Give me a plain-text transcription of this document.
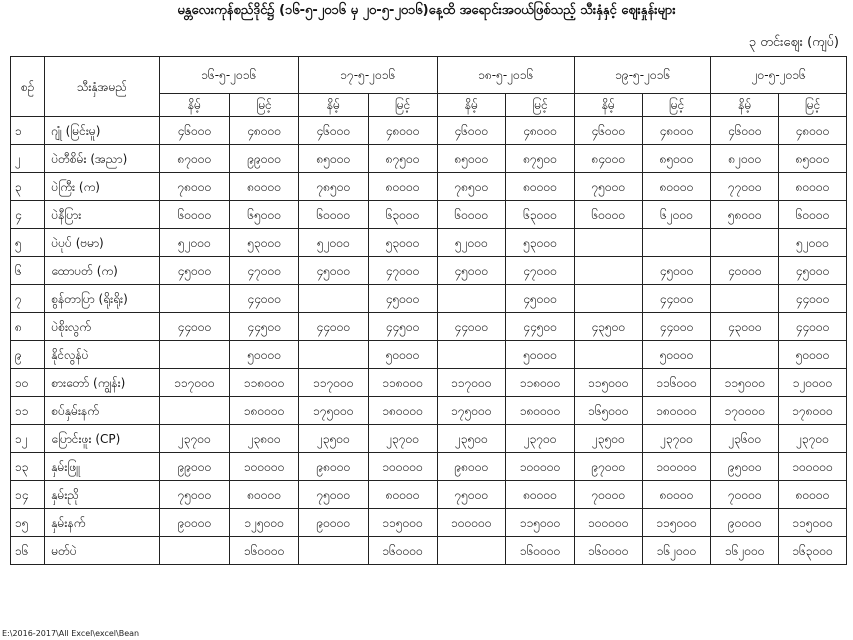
မန္တလေးကုန်စည်ဒိုင်၌ (၁၆-၅-၂၀၁၆ မှ ၂၀-၅-၂၀၁၆)နေ့ထိ အရောင်းအဝယ်ဖြစ်သည့် သီးနှံနှင့် ဈေးနှုန်းများ
၃ တင်းဈေး (ကျပ်)
စဉ်	သီးနှံအမည်	၁၆-၅-၂၀၁၆		၁၇-၅-၂၀၁၆		၁၈-၅-၂၀၁၆		၁၉-၅-၂၀၁၆		၂၀-၅-၂၀၁၆	
		နိမ့်	မြင့်	နိမ့်	မြင့်	နိမ့်	မြင့်	နိမ့်	မြင့်	နိမ့်	မြင့်
၁	ဂျုံ (မြင်းမူ)	၄၆၀၀၀	၄၈၀၀၀	၄၆၀၀၀	၄၈၀၀၀	၄၆၀၀၀	၄၈၀၀၀	၄၆၀၀၀	၄၈၀၀၀	၄၆၀၀၀	၄၈၀၀၀
၂	ပဲတီစိမ်း (အညာ)	၈၇၀၀၀	၉၉၀၀၀	၈၅၀၀၀	၈၇၅၀၀	၈၅၀၀၀	၈၇၅၀၀	၈၄၀၀၀	၈၅၀၀၀	၈၂၀၀၀	၈၅၀၀၀
၃	ပဲကြီး (က)	၇၈၀၀၀	၈၀၀၀၀	၇၈၅၀၀	၈၀၀၀၀	၇၈၅၀၀	၈၀၀၀၀	၇၅၀၀၀	၈၀၀၀၀	၇၇၀၀၀	၈၀၀၀၀
၄	ပဲနီပြား	၆၀၀၀၀	၆၅၀၀၀	၆၀၀၀၀	၆၃၀၀၀	၆၀၀၀၀	၆၃၀၀၀	၆၀၀၀၀	၆၂၀၀၀	၅၈၀၀၀	၆၀၀၀၀
၅	ပဲပုပ် (ဗမာ)	၅၂၀၀၀	၅၃၀၀၀	၅၂၀၀၀	၅၃၀၀၀	၅၂၀၀၀	၅၃၀၀၀				၅၂၀၀၀
၆	ထောပတ် (က)	၄၅၀၀၀	၄၇၀၀၀	၄၅၀၀၀	၄၇၀၀၀	၄၅၀၀၀	၄၇၀၀၀		၄၅၀၀၀	၄၀၀၀၀	၄၅၀၀၀
၇	စွန်တာပြာ (ရိုးရိုး)		၄၄၀၀၀		၄၅၀၀၀		၄၅၀၀၀		၄၄၀၀၀		၄၄၀၀၀
၈	ပဲစိုးလွက်	၄၄၀၀၀	၄၄၅၀၀	၄၄၀၀၀	၄၄၅၀၀	၄၄၀၀၀	၄၄၅၀၀	၄၃၅၀၀	၄၄၀၀၀	၄၃၀၀၀	၄၄၀၀၀
၉	နိုင်လွန်ပဲ		၅၀၀၀၀		၅၀၀၀၀		၅၀၀၀၀		၅၀၀၀၀		၅၀၀၀၀
၁၀	စားတော် (ကျွန်း)	၁၁၇၀၀၀	၁၁၈၀၀၀	၁၁၇၀၀၀	၁၁၈၀၀၀	၁၁၇၀၀၀	၁၁၈၀၀၀	၁၁၅၀၀၀	၁၁၆၀၀၀	၁၁၅၀၀၀	၁၂၀၀၀၀
၁၁	စပ်နှမ်းနက်		၁၈၀၀၀၀	၁၇၅၀၀၀	၁၈၀၀၀၀	၁၇၅၀၀၀	၁၈၀၀၀၀	၁၆၅၀၀၀	၁၈၀၀၀၀	၁၇၀၀၀၀	၁၇၈၀၀၀
၁၂	ပြောင်းဖူး (CP)	၂၃၇၀၀	၂၃၈၀၀	၂၃၅၀၀	၂၃၇၀၀	၂၃၅၀၀	၂၃၇၀၀	၂၃၅၀၀	၂၃၇၀၀	၂၃၆၀၀	၂၃၇၀၀
၁၃	နှမ်းဖြူ	၉၉၀၀၀	၁၀၀၀၀၀	၉၈၀၀၀	၁၀၀၀၀၀	၉၈၀၀၀	၁၀၀၀၀၀	၉၇၀၀၀	၁၀၀၀၀၀	၉၅၀၀၀	၁၀၀၀၀၀
၁၄	နှမ်းညို	၇၅၀၀၀	၈၀၀၀၀	၇၅၀၀၀	၈၀၀၀၀	၇၅၀၀၀	၈၀၀၀၀	၇၀၀၀၀	၈၀၀၀၀	၇၀၀၀၀	၈၀၀၀၀
၁၅	နှမ်းနက်	၉၀၀၀၀	၁၂၅၀၀၀	၉၀၀၀၀	၁၁၅၀၀၀	၁၀၀၀၀၀	၁၁၅၀၀၀	၁၀၀၀၀၀	၁၁၅၀၀၀	၉၀၀၀၀	၁၁၅၀၀၀
၁၆	မတ်ပဲ		၁၆၀၀၀၀		၁၆၀၀၀၀		၁၆၀၀၀၀	၁၆၀၀၀၀	၁၆၂၀၀၀	၁၆၂၀၀၀	၁၆၃၀၀၀
E:\2016-2017\All Excel\excel\Bean
